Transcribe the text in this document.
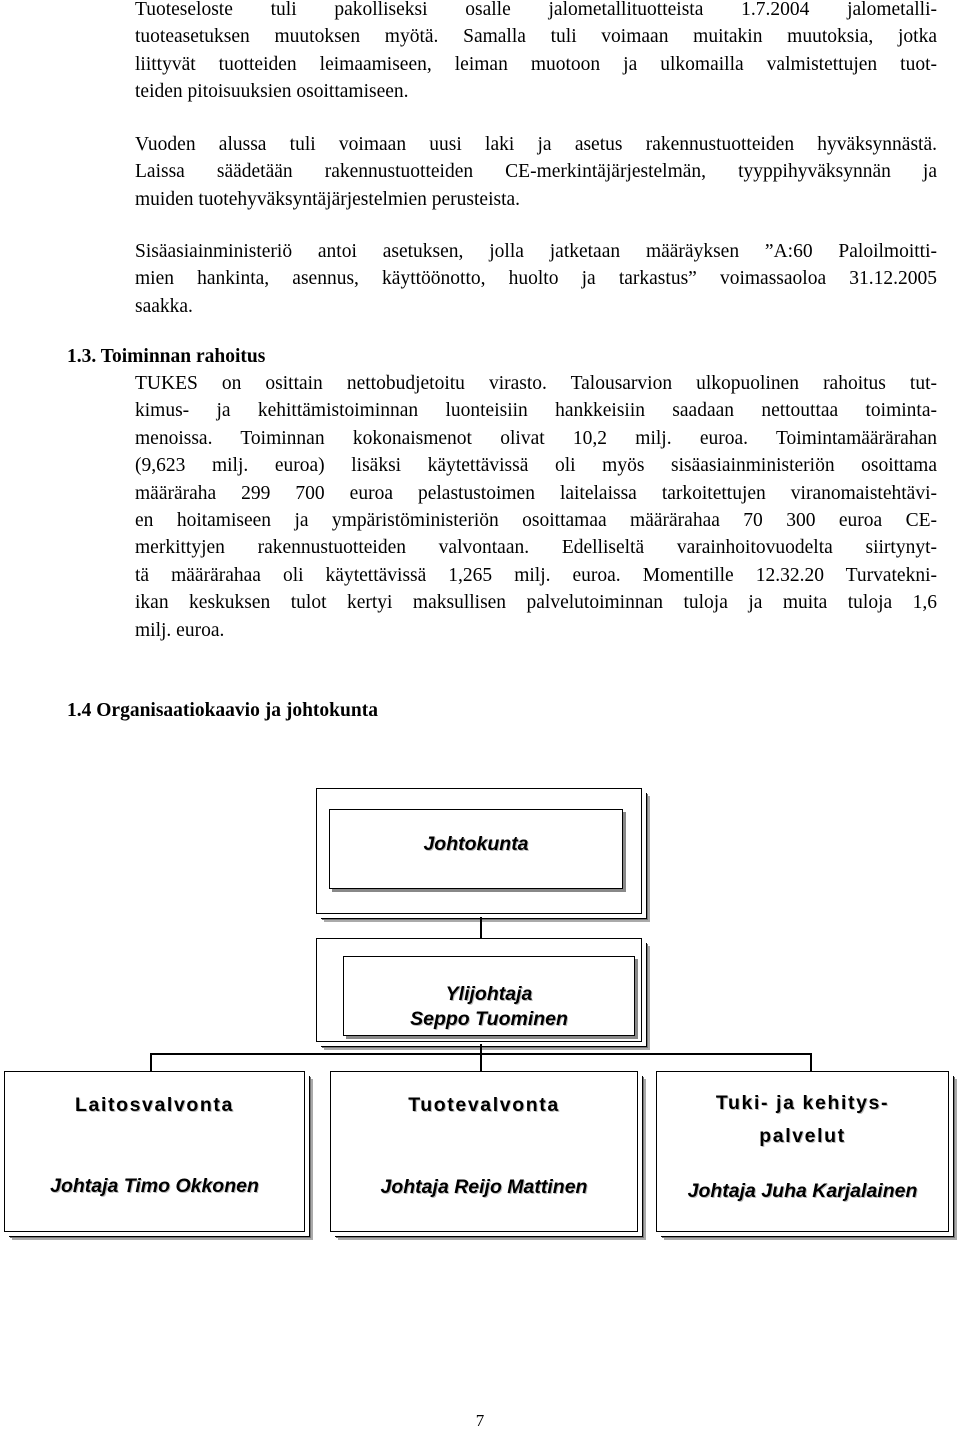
Tuoteseloste tuli pakolliseksi osalle jalometallituotteista 1.7.2004 jalometalli-
tuoteasetuksen muutoksen myötä. Samalla tuli voimaan muitakin muutoksia, jotka
liittyvät tuotteiden leimaamiseen, leiman muotoon ja ulkomailla valmistettujen tuot-
teiden pitoisuuksien osoittamiseen.
Vuoden alussa tuli voimaan uusi laki ja asetus rakennustuotteiden hyväksynnästä.
Laissa säädetään rakennustuotteiden CE-merkintäjärjestelmän, tyyppihyväksynnän ja
muiden tuotehyväksyntäjärjestelmien perusteista.
Sisäasiainministeriö antoi asetuksen, jolla jatketaan määräyksen ”A:60 Paloilmoitti-
mien hankinta, asennus, käyttöönotto, huolto ja tarkastus” voimassaoloa 31.12.2005
saakka.
1.3. Toiminnan rahoitus
TUKES on osittain nettobudjetoitu virasto. Talousarvion ulkopuolinen rahoitus tut-
kimus- ja kehittämistoiminnan luonteisiin hankkeisiin saadaan nettouttaa toiminta-
menoissa. Toiminnan kokonaismenot olivat 10,2 milj. euroa. Toimintamäärärahan
(9,623 milj. euroa) lisäksi käytettävissä oli myös sisäasiainministeriön osoittama
määräraha 299 700 euroa pelastustoimen laitelaissa tarkoitettujen viranomaistehtävi-
en hoitamiseen ja ympäristöministeriön osoittamaa määrärahaa 70 300 euroa CE-
merkittyjen rakennustuotteiden valvontaan. Edelliseltä varainhoitovuodelta siirtynyt-
tä määrärahaa oli käytettävissä 1,265 milj. euroa. Momentille 12.32.20 Turvatekni-
ikan keskuksen tulot kertyi maksullisen palvelutoiminnan tuloja ja muita tuloja 1,6
milj. euroa.
1.4 Organisaatiokaavio ja johtokunta
Johtokunta
Ylijohtaja
Seppo Tuominen
Laitosvalvonta
Johtaja Timo Okkonen
Tuotevalvonta
Johtaja Reijo Mattinen
Tuki- ja kehitys-
palvelut
Johtaja Juha Karjalainen
7
